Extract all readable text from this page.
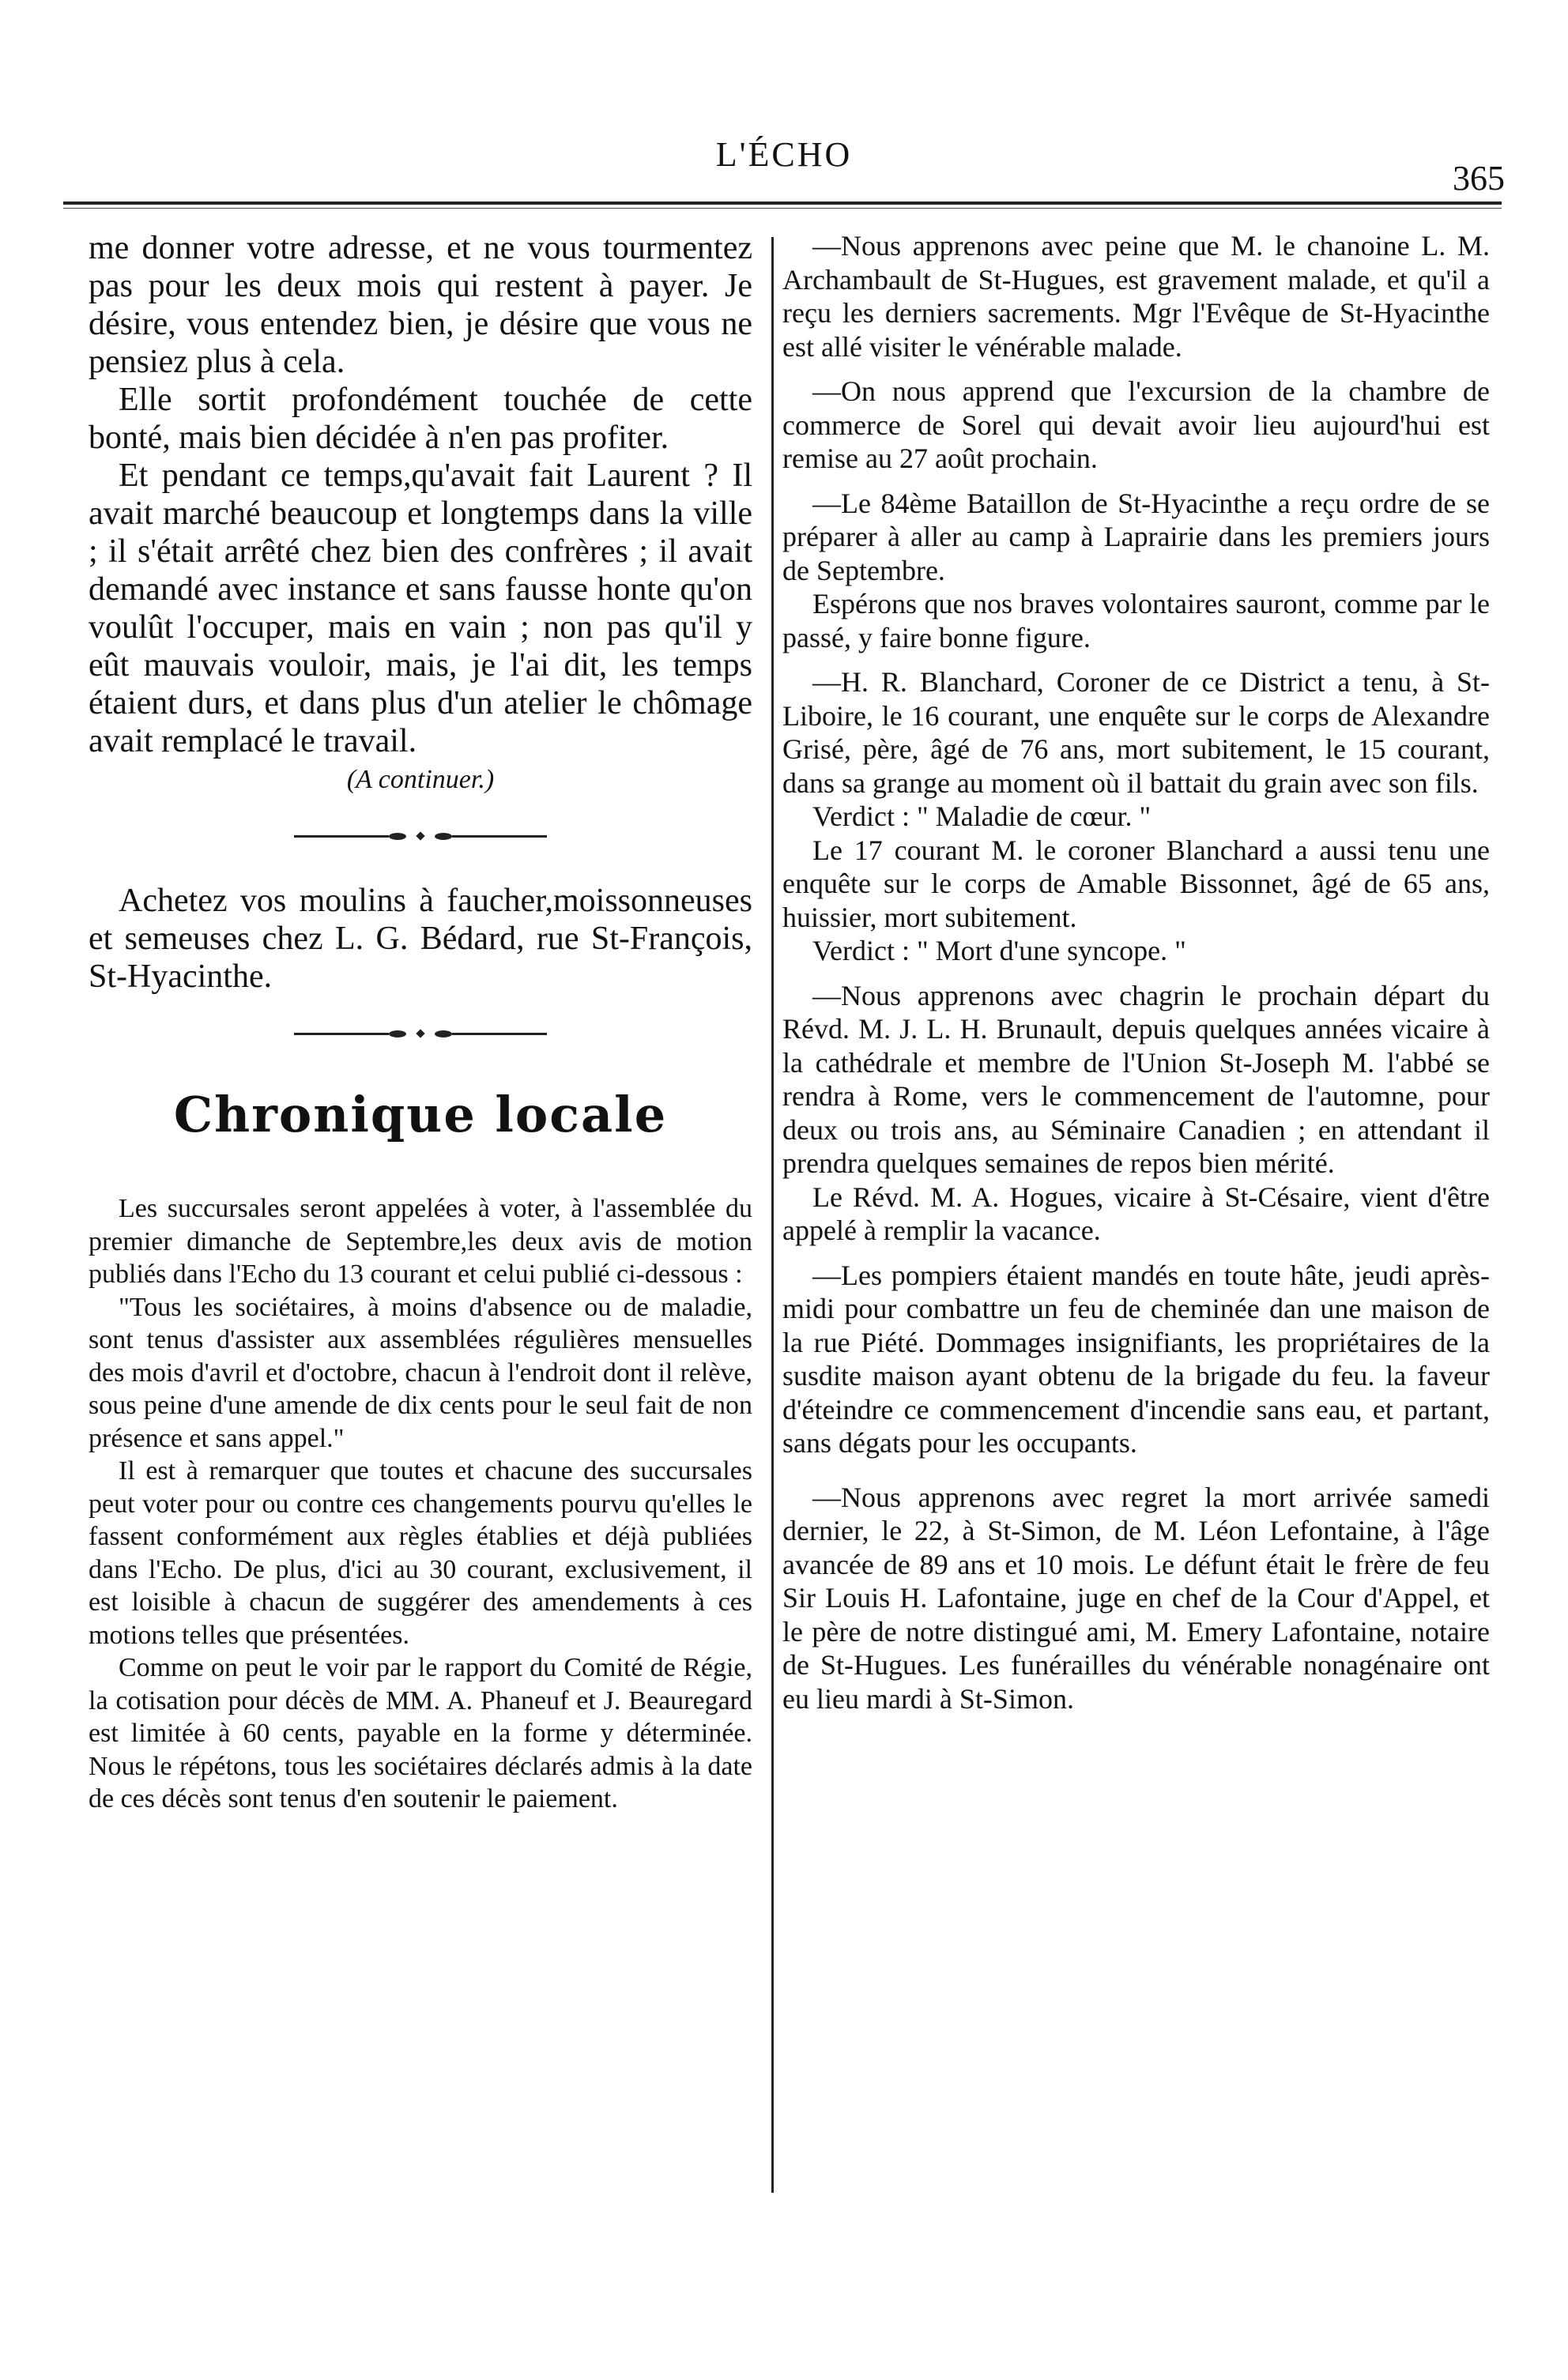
L'ÉCHO
365

me donner votre adresse, et ne vous tourmentez pas pour les deux mois qui restent à payer. Je désire, vous entendez bien, je désire que vous ne pensiez plus à cela.

Elle sortit profondément touchée de cette bonté, mais bien décidée à n'en pas profiter.

Et pendant ce temps,qu'avait fait Laurent ? Il avait marché beaucoup et longtemps dans la ville ; il s'était arrêté chez bien des confrères ; il avait demandé avec instance et sans fausse honte qu'on voulût l'occuper, mais en vain ; non pas qu'il y eût mauvais vouloir, mais, je l'ai dit, les temps étaient durs, et dans plus d'un atelier le chômage avait remplacé le travail.

(A continuer.)

Achetez vos moulins à faucher,moissonneuses et semeuses chez L. G. Bédard, rue St-François, St-Hyacinthe.

Chronique locale

Les succursales seront appelées à voter, à l'assemblée du premier dimanche de Septembre,les deux avis de motion publiés dans l'Echo du 13 courant et celui publié ci-dessous :

"Tous les sociétaires, à moins d'absence ou de maladie, sont tenus d'assister aux assemblées régulières mensuelles des mois d'avril et d'octobre, chacun à l'endroit dont il relève, sous peine d'une amende de dix cents pour le seul fait de non présence et sans appel."

Il est à remarquer que toutes et chacune des succursales peut voter pour ou contre ces changements pourvu qu'elles le fassent conformément aux règles établies et déjà publiées dans l'Echo. De plus, d'ici au 30 courant, exclusivement, il est loisible à chacun de suggérer des amendements à ces motions telles que présentées.

Comme on peut le voir par le rapport du Comité de Régie, la cotisation pour décès de MM. A. Phaneuf et J. Beauregard est limitée à 60 cents, payable en la forme y déterminée. Nous le répétons, tous les sociétaires déclarés admis à la date de ces décès sont tenus d'en soutenir le paiement.

—Nous apprenons avec peine que M. le chanoine L. M. Archambault de St-Hugues, est gravement malade, et qu'il a reçu les derniers sacrements. Mgr l'Evêque de St-Hyacinthe est allé visiter le vénérable malade.

—On nous apprend que l'excursion de la chambre de commerce de Sorel qui devait avoir lieu aujourd'hui est remise au 27 août prochain.

—Le 84ème Bataillon de St-Hyacinthe a reçu ordre de se préparer à aller au camp à Laprairie dans les premiers jours de Septembre.

Espérons que nos braves volontaires sauront, comme par le passé, y faire bonne figure.

—H. R. Blanchard, Coroner de ce District a tenu, à St-Liboire, le 16 courant, une enquête sur le corps de Alexandre Grisé, père, âgé de 76 ans, mort subitement, le 15 courant, dans sa grange au moment où il battait du grain avec son fils.

Verdict : " Maladie de cœur. "

Le 17 courant M. le coroner Blanchard a aussi tenu une enquête sur le corps de Amable Bissonnet, âgé de 65 ans, huissier, mort subitement.

Verdict : " Mort d'une syncope. "

—Nous apprenons avec chagrin le prochain départ du Révd. M. J. L. H. Brunault, depuis quelques années vicaire à la cathédrale et membre de l'Union St-Joseph M. l'abbé se rendra à Rome, vers le commencement de l'automne, pour deux ou trois ans, au Séminaire Canadien ; en attendant il prendra quelques semaines de repos bien mérité.

Le Révd. M. A. Hogues, vicaire à St-Césaire, vient d'être appelé à remplir la vacance.

—Les pompiers étaient mandés en toute hâte, jeudi après-midi pour combattre un feu de cheminée dan une maison de la rue Piété. Dommages insignifiants, les propriétaires de la susdite maison ayant obtenu de la brigade du feu. la faveur d'éteindre ce commencement d'incendie sans eau, et partant, sans dégats pour les occupants.

—Nous apprenons avec regret la mort arrivée samedi dernier, le 22, à St-Simon, de M. Léon Lefontaine, à l'âge avancée de 89 ans et 10 mois. Le défunt était le frère de feu Sir Louis H. Lafontaine, juge en chef de la Cour d'Appel, et le père de notre distingué ami, M. Emery Lafontaine, notaire de St-Hugues. Les funérailles du vénérable nonagénaire ont eu lieu mardi à St-Simon.
